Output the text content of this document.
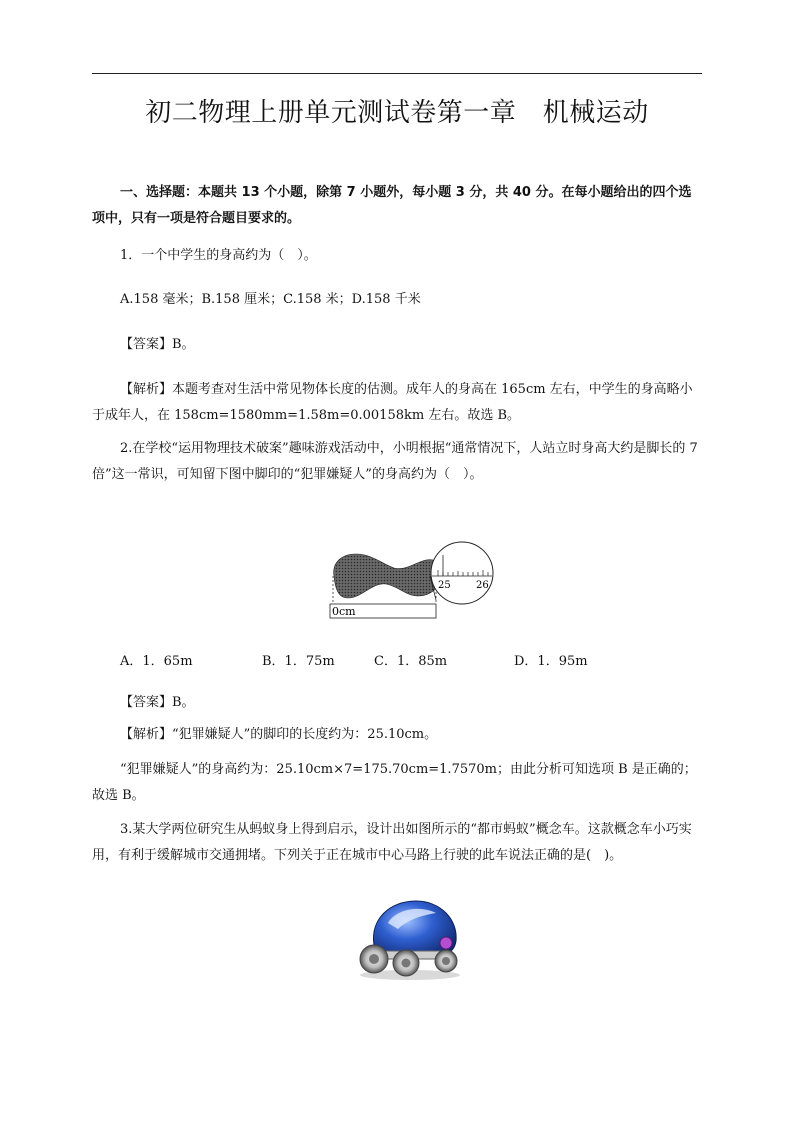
初二物理上册单元测试卷第一章　机械运动
一、选择题：本题共 13 个小题，除第 7 小题外，每小题 3 分，共 40 分。在每小题给出的四个选项中，只有一项是符合题目要求的。
1．一个中学生的身高约为（　）。
A.158 毫米；B.158 厘米；C.158 米；D.158 千米
【答案】B。
【解析】本题考查对生活中常见物体长度的估测。成年人的身高在 165cm 左右，中学生的身高略小于成年人，在 158cm=1580mm=1.58m=0.00158km 左右。故选 B。
2.在学校“运用物理技术破案”趣味游戏活动中，小明根据“通常情况下，人站立时身高大约是脚长的 7 倍”这一常识，可知留下图中脚印的“犯罪嫌疑人”的身高约为（　）。
0cm
25	26
A．1．65m	B．1．75m	C．1．85m	D．1．95m
【答案】B。
【解析】“犯罪嫌疑人”的脚印的长度约为：25.10cm。
“犯罪嫌疑人”的身高约为：25.10cm×7=175.70cm=1.7570m；由此分析可知选项 B 是正确的；故选 B。
3.某大学两位研究生从蚂蚁身上得到启示，设计出如图所示的“都市蚂蚁”概念车。这款概念车小巧实用，有利于缓解城市交通拥堵。下列关于正在城市中心马路上行驶的此车说法正确的是(　)。
